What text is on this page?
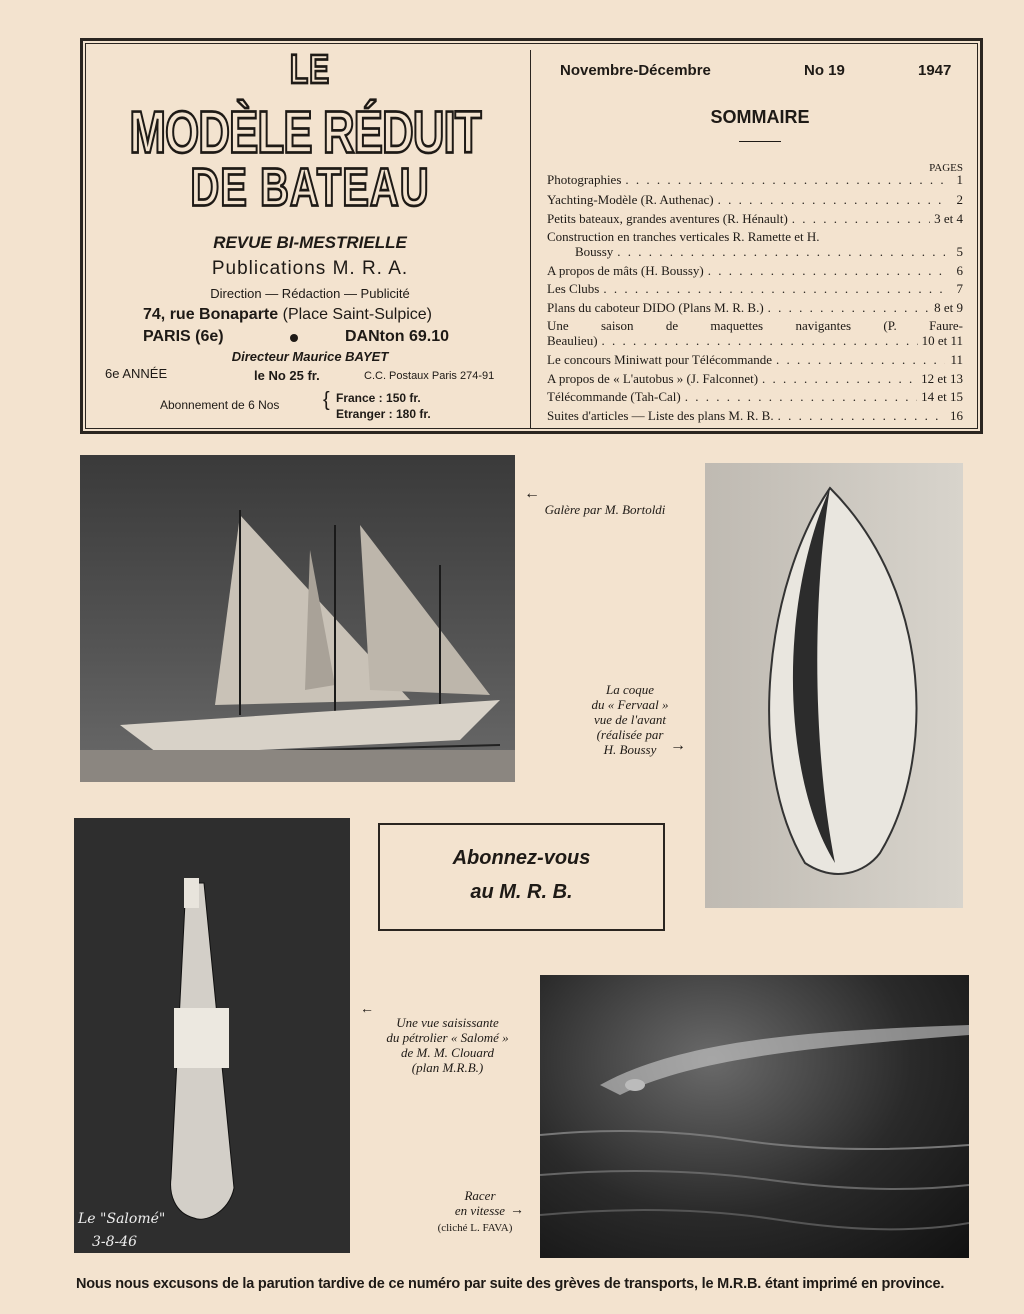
LE
MODÈLE RÉDUIT
DE BATEAU
REVUE BI-MESTRIELLE
Publications M. R. A.
Direction — Rédaction — Publicité
74, rue Bonaparte (Place Saint-Sulpice)
PARIS (6e)	DANton 69.10
Directeur Maurice BAYET
6e ANNÉE	le No 25 fr.	C.C. Postaux Paris 274-91
Abonnement de 6 Nos	{ France : 150 fr.
Etranger : 180 fr.
Novembre-Décembre	No 19	1947
SOMMAIRE
PAGES
Photographies . . .	1
Yachting-Modèle (R. Authenac) . . .	2
Petits bateaux, grandes aventures (R. Hénault) . . .	3 et 4
Construction en tranches verticales R. Ramette et H.
Boussy . . .	5
A propos de mâts (H. Boussy) . . .	6
Les Clubs . . .	7
Plans du caboteur DIDO (Plans M. R. B.) . . .	8 et 9
Une saison de maquettes navigantes (P. Faure-
Beaulieu) . . .	10 et 11
Le concours Miniwatt pour Télécommande . . .	11
A propos de « L'autobus » (J. Falconnet) . . .	12 et 13
Télécommande (Tah-Cal) . . .	14 et 15
Suites d'articles — Liste des plans M. R. B. . . .	16
←
Galère par M. Bortoldi
La coque
du « Fervaal »
vue de l'avant
(réalisée par
H. Boussy →
Abonnez-vous
au M. R. B.
Le "Salomé"
3-8-46
←
Une vue saisissante
du pétrolier « Salomé »
de M. M. Clouard
(plan M.R.B.)
Racer
en vitesse →
(cliché L. FAVA)
Nous nous excusons de la parution tardive de ce numéro par suite des grèves de transports, le M.R.B. étant imprimé en province.
